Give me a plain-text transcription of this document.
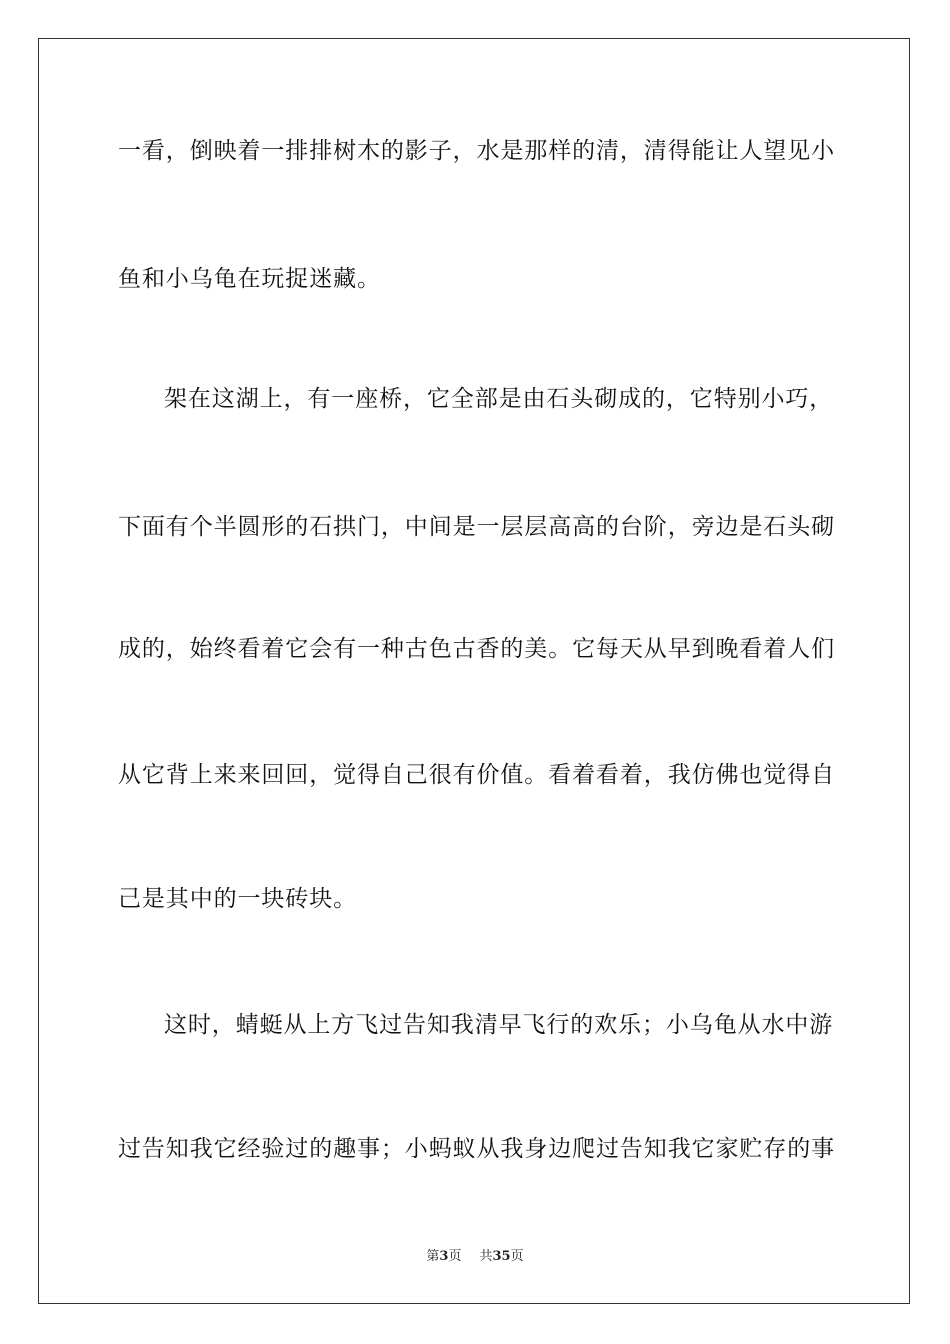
一看，倒映着一排排树木的影子，水是那样的清，清得能让人望见小

鱼和小乌龟在玩捉迷藏。

架在这湖上，有一座桥，它全部是由石头砌成的，它特别小巧，

下面有个半圆形的石拱门，中间是一层层高高的台阶，旁边是石头砌

成的，始终看着它会有一种古色古香的美。它每天从早到晚看着人们

从它背上来来回回，觉得自己很有价值。看着看着，我仿佛也觉得自

己是其中的一块砖块。

这时，蜻蜓从上方飞过告知我清早飞行的欢乐；小乌龟从水中游

过告知我它经验过的趣事；小蚂蚁从我身边爬过告知我它家贮存的事

第3页 共35页
